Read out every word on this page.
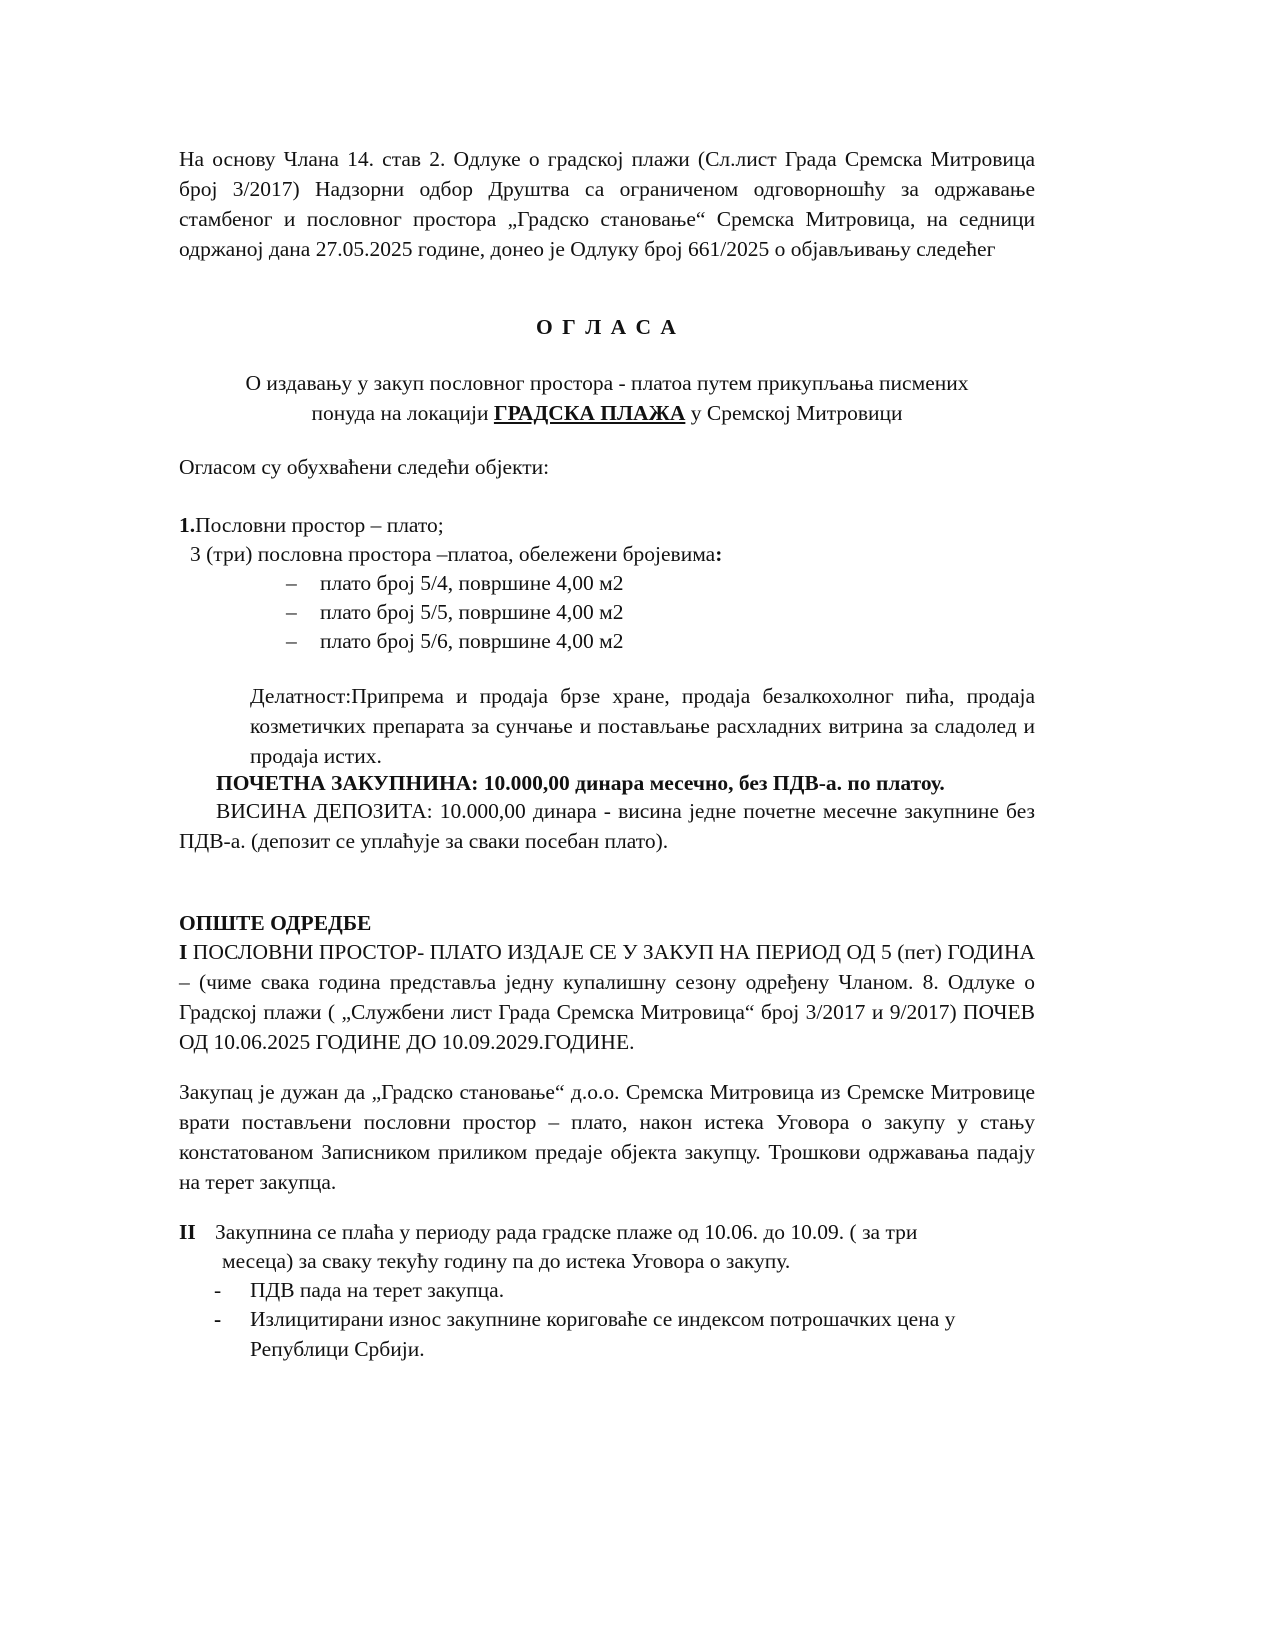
На основу Члана 14. став 2. Одлуке о градској плажи (Сл.лист Града Сремска Митровица број 3/2017) Надзорни одбор Друштва са ограниченом одговорношћу за одржавање стамбеног и пословног простора „Градско становање“ Сремска Митровица, на седници одржаној дана 27.05.2025 године, донео је Одлуку број 661/2025 о објављивању следећег

О Г Л А С А
О издавању у закуп пословног простора - платоа путем прикупљања писмених
понуда на локацији ГРАДСКА ПЛАЖА у Сремској Митровици
Огласом су обухваћени следећи објекти:
1.Пословни простор – плато;
3 (три) пословна простора –платоа, обележени бројевима:
– плато број 5/4, површине 4,00 м2
– плато број 5/5, површине 4,00 м2
– плато број 5/6, површине 4,00 м2

Делатност:Припрема и продаја брзе хране, продаја безалкохолног пића, продаја козметичких препарата за сунчање и постављање расхладних витрина за сладолед и продаја истих.

ПОЧЕТНА ЗАКУПНИНА: 10.000,00 динара месечно, без ПДВ-а. по платоу.

ВИСИНА ДЕПОЗИТА: 10.000,00 динара - висина једне почетне месечне закупнине без ПДВ-а. (депозит се уплаћује за сваки посебан плато).

ОПШТЕ ОДРЕДБЕ

I ПОСЛОВНИ ПРОСТОР- ПЛАТО ИЗДАЈЕ СЕ У ЗАКУП НА ПЕРИОД ОД 5 (пет) ГОДИНА – (чиме свака година представља једну купалишну сезону одређену Чланом. 8. Одлуке о Градској плажи ( „Службени лист Града Сремска Митровица“ број 3/2017 и 9/2017) ПОЧЕВ ОД 10.06.2025 ГОДИНЕ ДО 10.09.2029.ГОДИНЕ.

Закупац је дужан да „Градско становање“ д.о.о. Сремска Митровица из Сремске Митровице врати постављени пословни простор – плато, након истека Уговора о закупу у стању констатованом Записником приликом предаје објекта закупцу. Трошкови одржавања падају на терет закупца.

II Закупнина се плаћа у периоду рада градске плаже од 10.06. до 10.09. ( за три
месеца) за сваку текућу годину па до истека Уговора о закупу.
- ПДВ пада на терет закупца.
- Излицитирани износ закупнине кориговаће се индексом потрошачких цена у Републици Србији.
